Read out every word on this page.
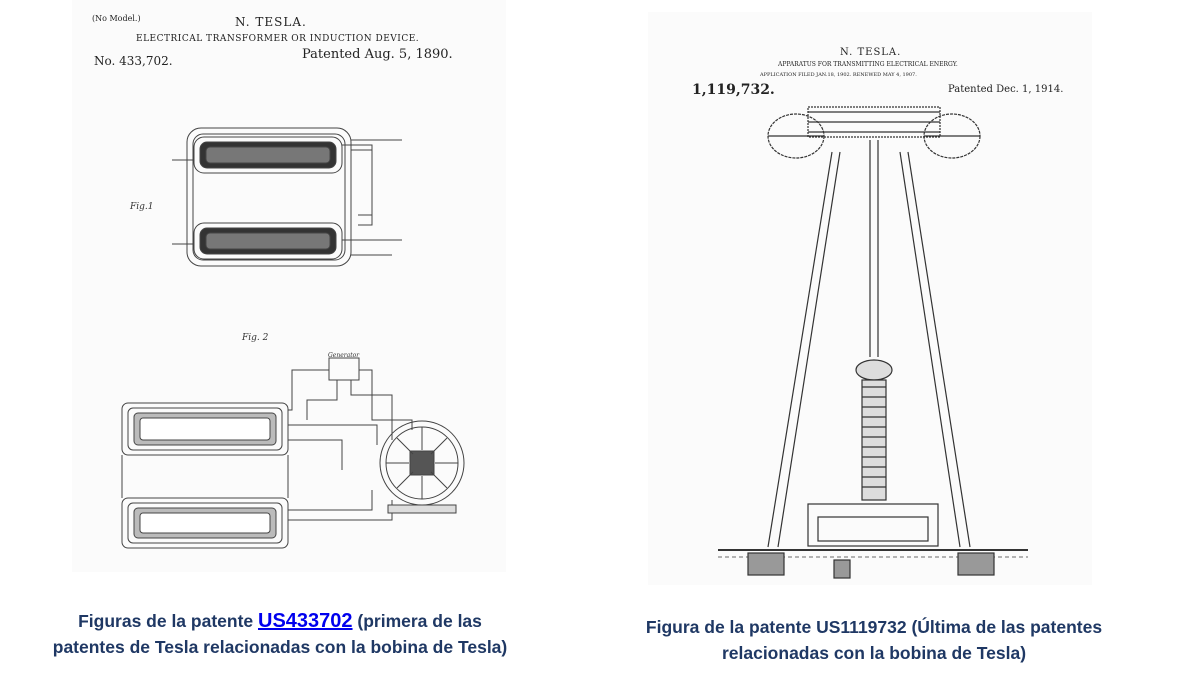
(No Model.)	N. TESLA.
ELECTRICAL TRANSFORMER OR INDUCTION DEVICE.
No. 433,702.	Patented Aug. 5, 1890.
Fig.1
Fig. 2
Generator
N. TESLA.
APPARATUS FOR TRANSMITTING ELECTRICAL ENERGY.
APPLICATION FILED JAN.18, 1902. RENEWED MAY 4, 1907.
1,119,732.	Patented Dec. 1, 1914.
Figuras de la patente US433702 (primera de las
patentes de Tesla relacionadas con la bobina de Tesla)
Figura de la patente US1119732 (Última de las patentes
relacionadas con la bobina de Tesla)
